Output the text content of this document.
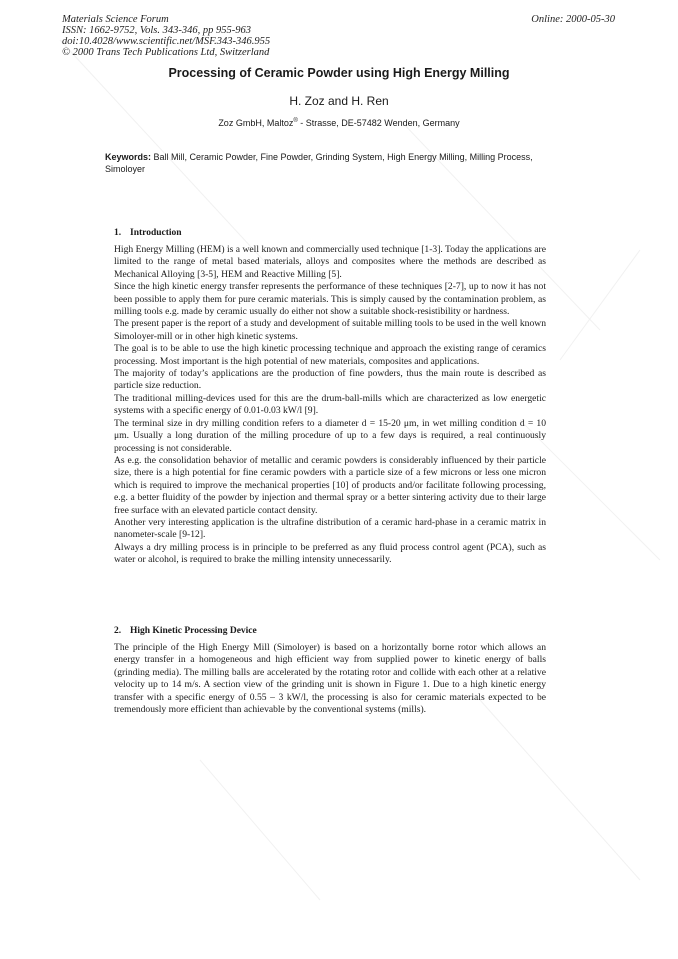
Materials Science Forum
ISSN: 1662-9752, Vols. 343-346, pp 955-963
doi:10.4028/www.scientific.net/MSF.343-346.955
© 2000 Trans Tech Publications Ltd, Switzerland
Online: 2000-05-30
Processing of Ceramic Powder using High Energy Milling
H. Zoz and H. Ren
Zoz GmbH, Maltoz® - Strasse, DE-57482 Wenden, Germany
Keywords: Ball Mill, Ceramic Powder, Fine Powder, Grinding System, High Energy Milling, Milling Process, Simoloyer
1. Introduction

High Energy Milling (HEM) is a well known and commercially used technique [1-3]. Today the applications are limited to the range of metal based materials, alloys and composites where the methods are described as Mechanical Alloying [3-5], HEM and Reactive Milling [5].

Since the high kinetic energy transfer represents the performance of these techniques [2-7], up to now it has not been possible to apply them for pure ceramic materials. This is simply caused by the contamination problem, as milling tools e.g. made by ceramic usually do either not show a suitable shock-resistibility or hardness.

The present paper is the report of a study and development of suitable milling tools to be used in the well known Simoloyer-mill or in other high kinetic systems.

The goal is to be able to use the high kinetic processing technique and approach the existing range of ceramics processing. Most important is the high potential of new materials, composites and applications.

The majority of today’s applications are the production of fine powders, thus the main route is described as particle size reduction.

The traditional milling-devices used for this are the drum-ball-mills which are characterized as low energetic systems with a specific energy of 0.01-0.03 kW/l [9].

The terminal size in dry milling condition refers to a diameter d = 15-20 μm, in wet milling condition d = 10 μm. Usually a long duration of the milling procedure of up to a few days is required, a real continuously processing is not considerable.

As e.g. the consolidation behavior of metallic and ceramic powders is considerably influenced by their particle size, there is a high potential for fine ceramic powders with a particle size of a few microns or less one micron which is required to improve the mechanical properties [10] of products and/or facilitate following processing, e.g. a better fluidity of the powder by injection and thermal spray or a better sintering activity due to their large free surface with an elevated particle contact density.

Another very interesting application is the ultrafine distribution of a ceramic hard-phase in a ceramic matrix in nanometer-scale [9-12].

Always a dry milling process is in principle to be preferred as any fluid process control agent (PCA), such as water or alcohol, is required to brake the milling intensity unnecessarily.

2. High Kinetic Processing Device

The principle of the High Energy Mill (Simoloyer) is based on a horizontally borne rotor which allows an energy transfer in a homogeneous and high efficient way from supplied power to kinetic energy of balls (grinding media). The milling balls are accelerated by the rotating rotor and collide with each other at a relative velocity up to 14 m/s. A section view of the grinding unit is shown in Figure 1. Due to a high kinetic energy transfer with a specific energy of 0.55 – 3 kW/l, the processing is also for ceramic materials expected to be tremendously more efficient than achievable by the conventional systems (mills).
